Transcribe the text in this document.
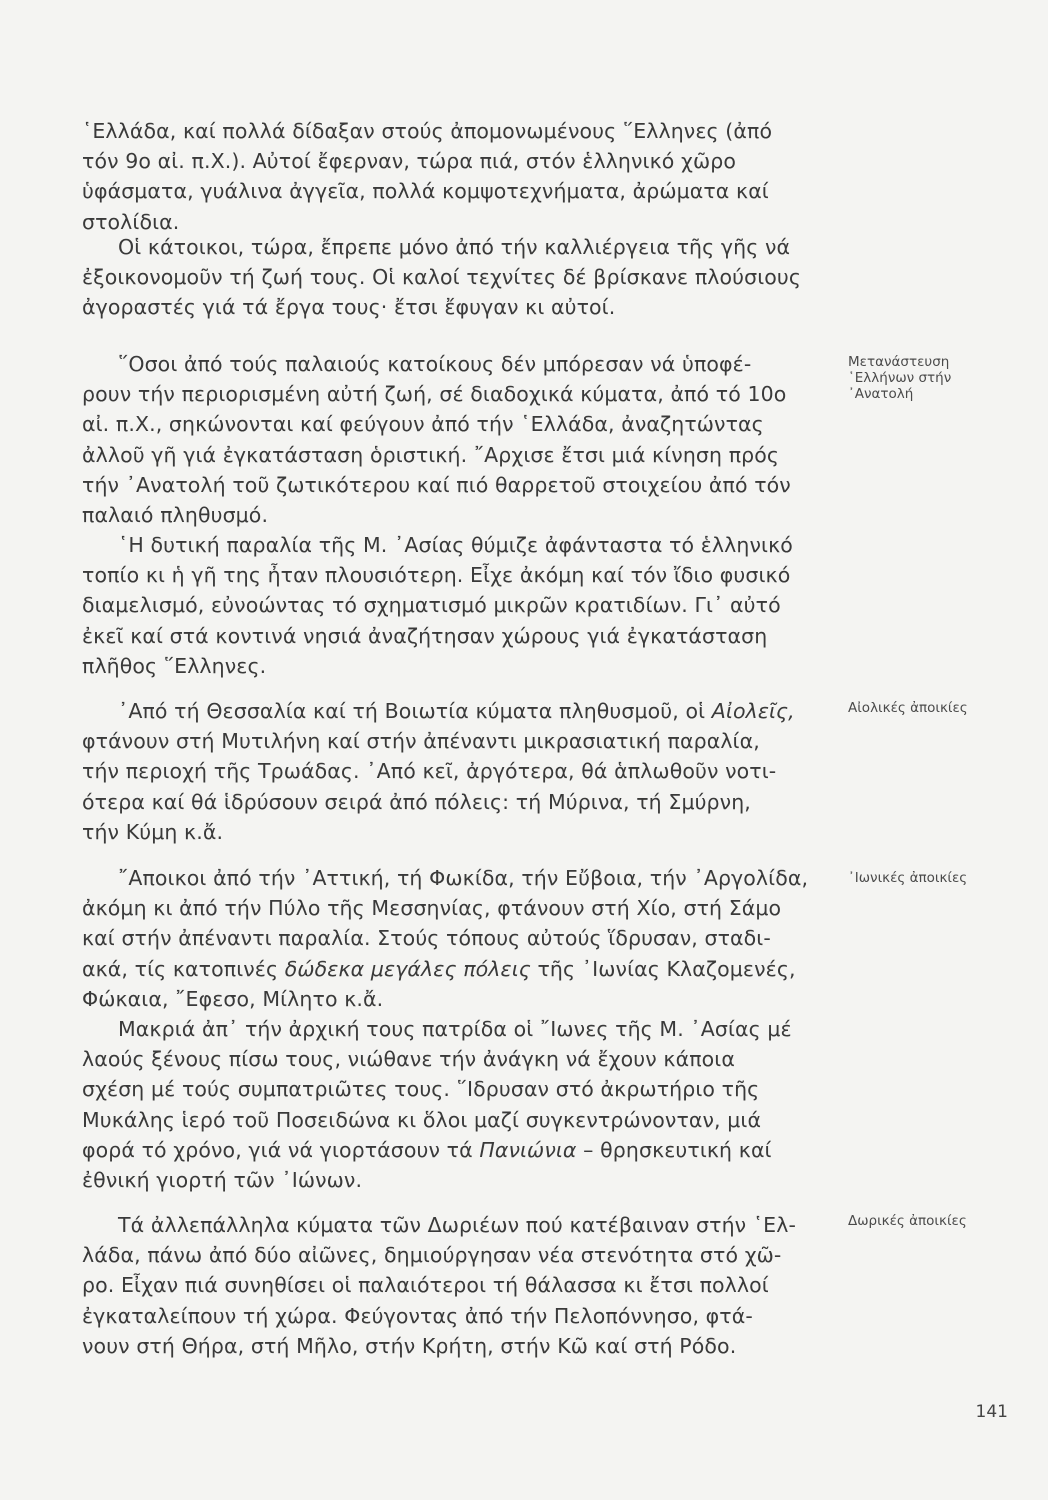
῾Ελλάδα, καί πολλά δίδαξαν στούς ἀπομονωμένους ῞Ελληνες (ἀπό
τόν 9ο αἰ. π.Χ.). Αὐτοί ἔφερναν, τώρα πιά, στόν ἑλληνικό χῶρο
ὑφάσματα, γυάλινα ἀγγεῖα, πολλά κομψοτεχνήματα, ἀρώματα καί
στολίδια.

Οἱ κάτοικοι, τώρα, ἔπρεπε μόνο ἀπό τήν καλλιέργεια τῆς γῆς νά
ἐξοικονομοῦν τή ζωή τους. Οἱ καλοί τεχνίτες δέ βρίσκανε πλούσιους
ἀγοραστές γιά τά ἔργα τους· ἔτσι ἔφυγαν κι αὐτοί.

῞Οσοι ἀπό τούς παλαιούς κατοίκους δέν μπόρεσαν νά ὑποφέ-
ρουν τήν περιορισμένη αὐτή ζωή, σέ διαδοχικά κύματα, ἀπό τό 10ο
αἰ. π.Χ., σηκώνονται καί φεύγουν ἀπό τήν ῾Ελλάδα, ἀναζητώντας
ἀλλοῦ γῆ γιά ἐγκατάσταση ὁριστική. ῎Αρχισε ἔτσι μιά κίνηση πρός
τήν ᾿Ανατολή τοῦ ζωτικότερου καί πιό θαρρετοῦ στοιχείου ἀπό τόν
παλαιό πληθυσμό.

῾Η δυτική παραλία τῆς Μ. ᾿Ασίας θύμιζε ἀφάνταστα τό ἑλληνικό
τοπίο κι ἡ γῆ της ἦταν πλουσιότερη. Εἶχε ἀκόμη καί τόν ἴδιο φυσικό
διαμελισμό, εὐνοώντας τό σχηματισμό μικρῶν κρατιδίων. Γι᾿ αὐτό
ἐκεῖ καί στά κοντινά νησιά ἀναζήτησαν χώρους γιά ἐγκατάσταση
πλῆθος ῞Ελληνες.

᾿Από τή Θεσσαλία καί τή Βοιωτία κύματα πληθυσμοῦ, οἱ Αἰολεῖς,
φτάνουν στή Μυτιλήνη καί στήν ἀπέναντι μικρασιατική παραλία,
τήν περιοχή τῆς Τρωάδας. ᾿Από κεῖ, ἀργότερα, θά ἁπλωθοῦν νοτι-
ότερα καί θά ἱδρύσουν σειρά ἀπό πόλεις: τή Μύρινα, τή Σμύρνη,
τήν Κύμη κ.ἄ.

῎Αποικοι ἀπό τήν ᾿Αττική, τή Φωκίδα, τήν Εὔβοια, τήν ᾿Αργολίδα,
ἀκόμη κι ἀπό τήν Πύλο τῆς Μεσσηνίας, φτάνουν στή Χίο, στή Σάμο
καί στήν ἀπέναντι παραλία. Στούς τόπους αὐτούς ἵδρυσαν, σταδι-
ακά, τίς κατοπινές δώδεκα μεγάλες πόλεις τῆς ᾿Ιωνίας Κλαζομενές,
Φώκαια, ῎Εφεσο, Μίλητο κ.ἄ.

Μακριά ἀπ᾿ τήν ἀρχική τους πατρίδα οἱ ῎Ιωνες τῆς Μ. ᾿Ασίας μέ
λαούς ξένους πίσω τους, νιώθανε τήν ἀνάγκη νά ἔχουν κάποια
σχέση μέ τούς συμπατριῶτες τους. ῞Ιδρυσαν στό ἀκρωτήριο τῆς
Μυκάλης ἱερό τοῦ Ποσειδώνα κι ὅλοι μαζί συγκεντρώνονταν, μιά
φορά τό χρόνο, γιά νά γιορτάσουν τά Πανιώνια – θρησκευτική καί
ἐθνική γιορτή τῶν ᾿Ιώνων.

Τά ἀλλεπάλληλα κύματα τῶν Δωριέων πού κατέβαιναν στήν ῾Ελ-
λάδα, πάνω ἀπό δύο αἰῶνες, δημιούργησαν νέα στενότητα στό χῶ-
ρο. Εἶχαν πιά συνηθίσει οἱ παλαιότεροι τή θάλασσα κι ἔτσι πολλοί
ἐγκαταλείπουν τή χώρα. Φεύγοντας ἀπό τήν Πελοπόννησο, φτά-
νουν στή Θήρα, στή Μῆλο, στήν Κρήτη, στήν Κῶ καί στή Ρόδο.

Μετανάστευση
῾Ελλήνων στήν
᾿Ανατολή
Αἰολικές ἀποικίες
᾿Ιωνικές ἀποικίες
Δωρικές ἀποικίες
141
